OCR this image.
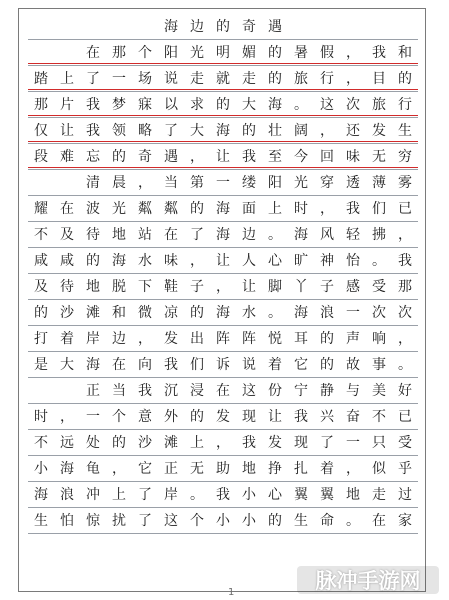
海 边 的 奇 遇

在 那 个 阳 光 明 媚 的 暑 假 ， 我 和
踏 上 了 一 场 说 走 就 走 的 旅 行 ， 目 的
那 片 我 梦 寐 以 求 的 大 海 。 这 次 旅 行
仅 让 我 领 略 了 大 海 的 壮 阔 ， 还 发 生
段 难 忘 的 奇 遇 ， 让 我 至 今 回 味 无 穷

清 晨 ， 当 第 一 缕 阳 光 穿 透 薄 雾
耀 在 波 光 粼 粼 的 海 面 上 时 ， 我 们 已
不 及 待 地 站 在 了 海 边 。 海 风 轻 拂 ，
咸 咸 的 海 水 味 ， 让 人 心 旷 神 怡 。 我
及 待 地 脱 下 鞋 子 ， 让 脚 丫 子 感 受 那
的 沙 滩 和 微 凉 的 海 水 。 海 浪 一 次 次
打 着 岸 边 ， 发 出 阵 阵 悦 耳 的 声 响 ，
是 大 海 在 向 我 们 诉 说 着 它 的 故 事 。

正 当 我 沉 浸 在 这 份 宁 静 与 美 好
时 ， 一 个 意 外 的 发 现 让 我 兴 奋 不 已
不 远 处 的 沙 滩 上 ， 我 发 现 了 一 只 受
小 海 龟 ， 它 正 无 助 地 挣 扎 着 ， 似 乎
海 浪 冲 上 了 岸 。 我 小 心 翼 翼 地 走 过
生 怕 惊 扰 了 这 个 小 小 的 生 命 。 在 家
1	脉冲手游网
